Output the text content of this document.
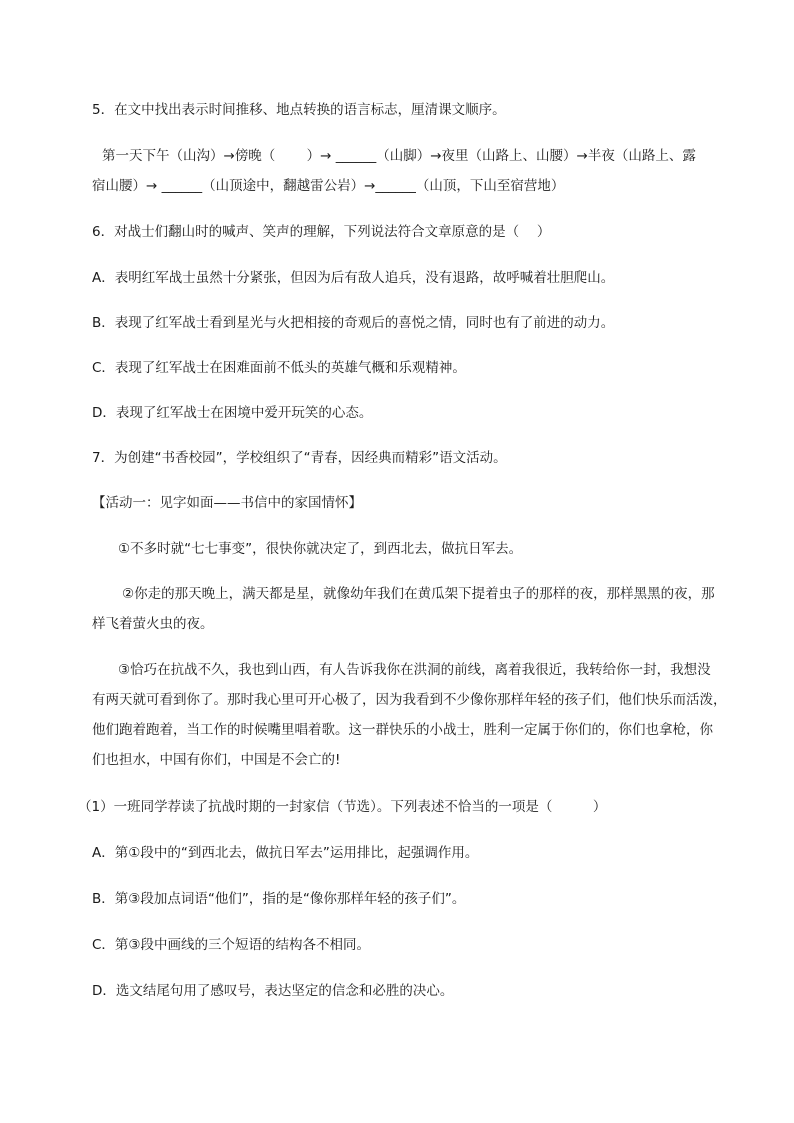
5．在文中找出表示时间推移、地点转换的语言标志，厘清课文顺序。
第一天下午（山沟）→傍晚（　　 ）→ ______（山脚）→夜里（山路上、山腰）→半夜（山路上、露
宿山腰）→ ______（山顶途中，翻越雷公岩）→______（山顶，下山至宿营地）
6．对战士们翻山时的喊声、笑声的理解，下列说法符合文章原意的是（　 ）
A．表明红军战士虽然十分紧张，但因为后有敌人追兵，没有退路，故呼喊着壮胆爬山。
B．表现了红军战士看到星光与火把相接的奇观后的喜悦之情，同时也有了前进的动力。
C．表现了红军战士在困难面前不低头的英雄气概和乐观精神。
D．表现了红军战士在困境中爱开玩笑的心态。
7．为创建“书香校园”，学校组织了“青春，因经典而精彩”语文活动。
【活动一：见字如面——书信中的家国情怀】
①不多时就“七七事变”，很快你就决定了，到西北去，做抗日军去。
②你走的那天晚上，满天都是星，就像幼年我们在黄瓜架下提着虫子的那样的夜，那样黑黑的夜，那
样飞着萤火虫的夜。
③恰巧在抗战不久，我也到山西，有人告诉我你在洪洞的前线，离着我很近，我转给你一封，我想没
有两天就可看到你了。那时我心里可开心极了，因为我看到不少像你那样年轻的孩子们，他们快乐而活泼，
他们跑着跑着，当工作的时候嘴里唱着歌。这一群快乐的小战士，胜利一定属于你们的，你们也拿枪，你
们也担水，中国有你们，中国是不会亡的!
（1）一班同学荐读了抗战时期的一封家信（节选）。下列表述不恰当的一项是（　　　）
A．第①段中的“到西北去，做抗日军去”运用排比，起强调作用。
B．第③段加点词语“他们”，指的是“像你那样年轻的孩子们”。
C．第③段中画线的三个短语的结构各不相同。
D．选文结尾句用了感叹号，表达坚定的信念和必胜的决心。
